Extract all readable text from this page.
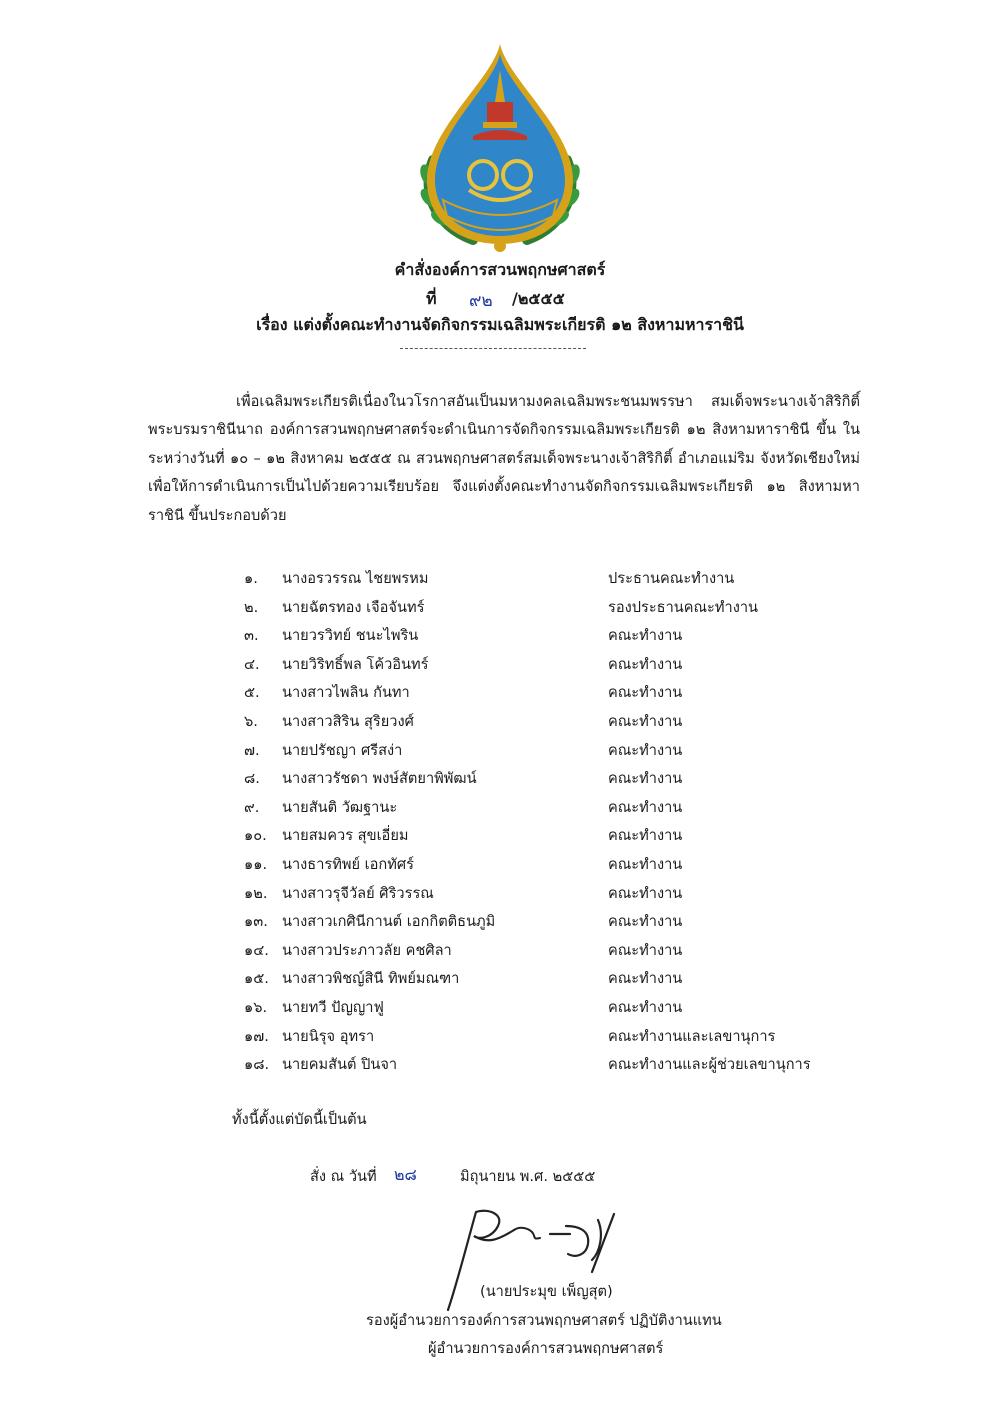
คำสั่งองค์การสวนพฤกษศาสตร์
ที่ ๙๒ /๒๕๕๕
เรื่อง แต่งตั้งคณะทำงานจัดกิจกรรมเฉลิมพระเกียรติ ๑๒ สิงหามหาราชินี
เพื่อเฉลิมพระเกียรติเนื่องในวโรกาสอันเป็นมหามงคลเฉลิมพระชนมพรรษา สมเด็จพระนางเจ้าสิริกิติ์พระบรมราชินีนาถ องค์การสวนพฤกษศาสตร์จะดำเนินการจัดกิจกรรมเฉลิมพระเกียรติ ๑๒ สิงหามหาราชินี ขึ้น ในระหว่างวันที่ ๑๐ – ๑๒ สิงหาคม ๒๕๕๕ ณ สวนพฤกษศาสตร์สมเด็จพระนางเจ้าสิริกิติ์ อำเภอแม่ริม จังหวัดเชียงใหม่ เพื่อให้การดำเนินการเป็นไปด้วยความเรียบร้อย จึงแต่งตั้งคณะทำงานจัดกิจกรรมเฉลิมพระเกียรติ ๑๒ สิงหามหาราชินี ขึ้นประกอบด้วย
๑. นางอรวรรณ ไชยพรหม	ประธานคณะทำงาน
๒. นายฉัตรทอง เจือจันทร์	รองประธานคณะทำงาน
๓. นายวรวิทย์ ชนะไพริน	คณะทำงาน
๔. นายวิริทธิ์พล โค้วอินทร์	คณะทำงาน
๕. นางสาวไพลิน กันทา	คณะทำงาน
๖. นางสาวสิริน สุริยวงศ์	คณะทำงาน
๗. นายปรัชญา ศรีสง่า	คณะทำงาน
๘. นางสาวรัชดา พงษ์สัตยาพิพัฒน์	คณะทำงาน
๙. นายสันติ วัฒฐานะ	คณะทำงาน
๑๐. นายสมควร สุขเอี่ยม	คณะทำงาน
๑๑. นางธารทิพย์ เอกทัศร์	คณะทำงาน
๑๒. นางสาวรุจีวัลย์ ศิริวรรณ	คณะทำงาน
๑๓. นางสาวเกศินีกานต์ เอกกิตติธนภูมิ	คณะทำงาน
๑๔. นางสาวประภาวลัย คชศิลา	คณะทำงาน
๑๕. นางสาวพิชญ์สินี ทิพย์มณฑา	คณะทำงาน
๑๖. นายทวี ปัญญาฟู	คณะทำงาน
๑๗. นายนิรุจ อุทรา	คณะทำงานและเลขานุการ
๑๘. นายคมสันต์ ปินจา	คณะทำงานและผู้ช่วยเลขานุการ
ทั้งนี้ตั้งแต่บัดนี้เป็นต้น
สั่ง ณ วันที่ ๒๘	มิถุนายน พ.ศ. ๒๕๕๕
(นายประมุข เพ็ญสุต)
รองผู้อำนวยการองค์การสวนพฤกษศาสตร์ ปฏิบัติงานแทน
ผู้อำนวยการองค์การสวนพฤกษศาสตร์
